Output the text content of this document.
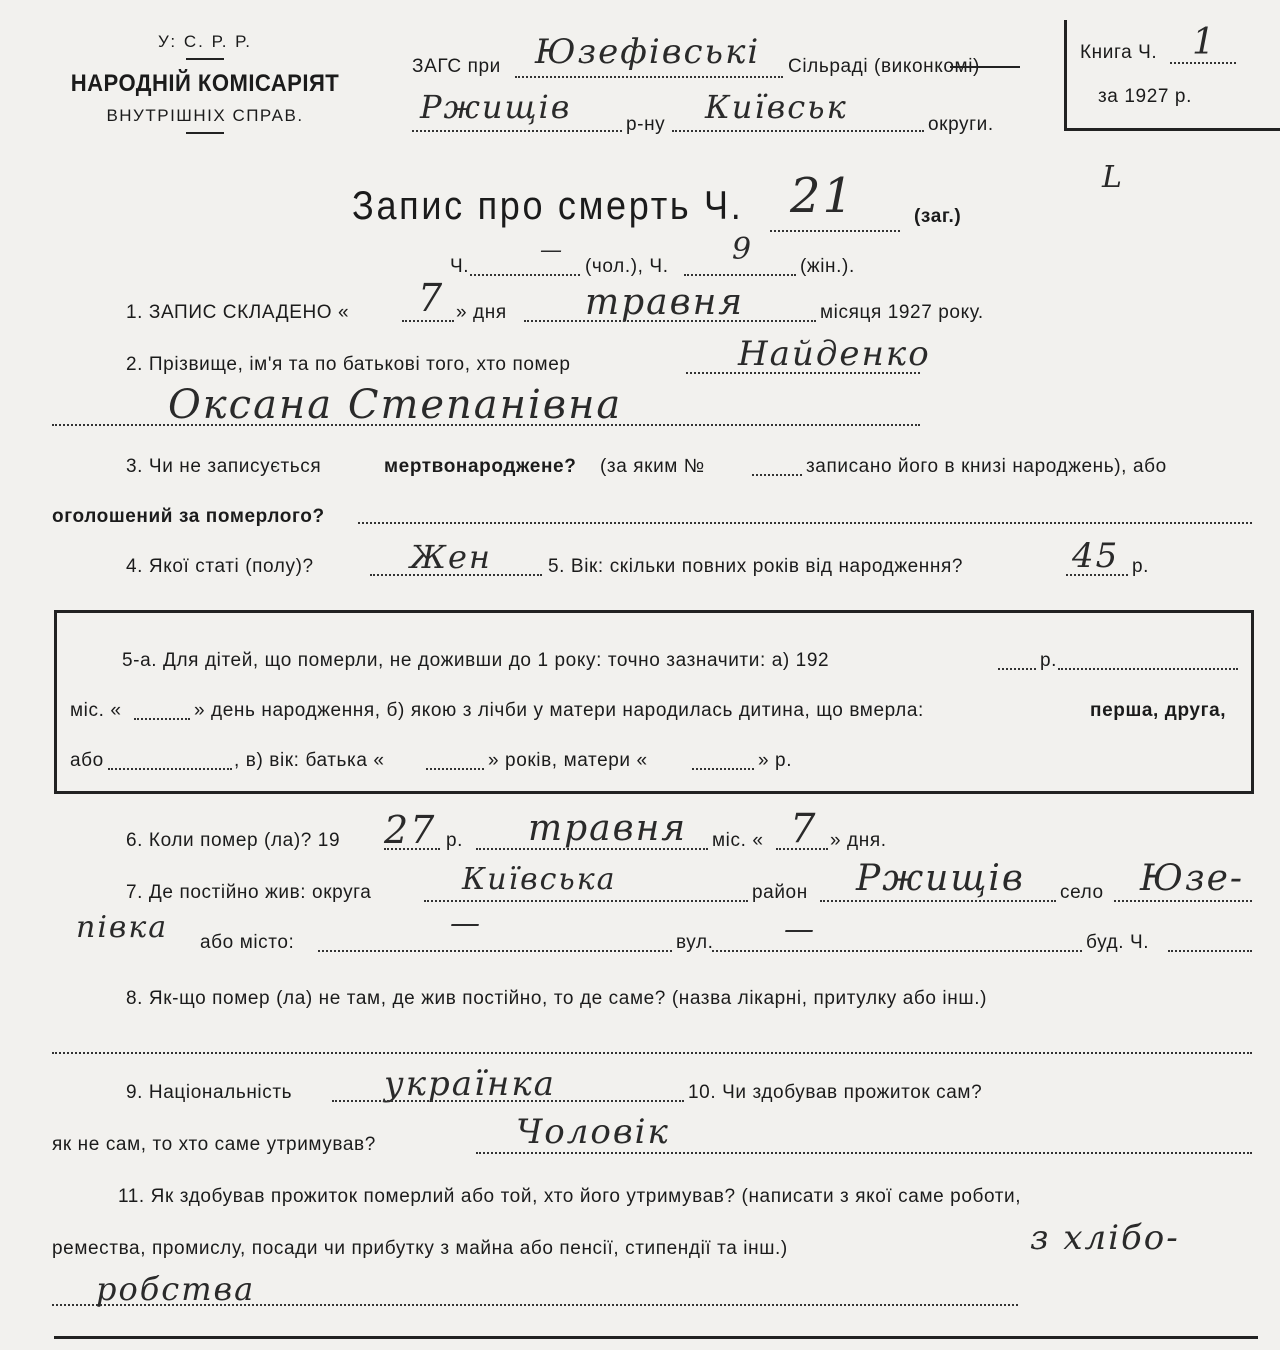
У: С. Р. Р.
НАРОДНІЙ КОМІСАРІЯТ
ВНУТРІШНІХ СПРАВ.
ЗАГС при Юзефівські Сільраді (виконкомі)
Ржищів	р-ну Київськ	округи.
Книга Ч. 1
за 1927 р.
L
Запис про смерть Ч. 21	(заг.)
Ч.
—
(чол.), Ч. 9 (жін.).
1. ЗАПИС СКЛАДЕНО « 7 » дня травня	місяця 1927 року.
2. Прізвище, ім'я та по батькові того, хто помер	Найденко
Оксана Степанівна
3. Чи не записується	мертвонароджене? (за яким №	записано його в книзі народжень), або
оголошений за померлого?
4. Якої статі (полу)?	Жен	5. Вік: скільки повних років від народження?	45 р.
5-а. Для дітей, що померли, не доживши до 1 року: точно зазначити: а) 192	р.
міс. «	» день народження, б) якою з лічби у матери народилась дитина, що вмерла:	перша, друга,
або	, в) вік: батька «	» років, матери «	» р.
6. Коли помер (ла)? 19 27 р. травня міс. « 7 » дня.
7. Де постійно жив: округа	Київська	район Ржищів село Юзе-
півка або місто:
—
вул. —	буд. Ч.
8. Як-що помер (ла) не там, де жив постійно, то де саме? (назва лікарні, притулку або інш.)
9. Національність	українка	10. Чи здобував прожиток сам?
як не сам, то хто саме утримував?	Чоловік
11. Як здобував прожиток померлий або той, хто його утримував? (написати з якої саме роботи,
ремества, промислу, посади чи прибутку з майна або пенсії, стипендії та інш.)	з хлібо-
робства
